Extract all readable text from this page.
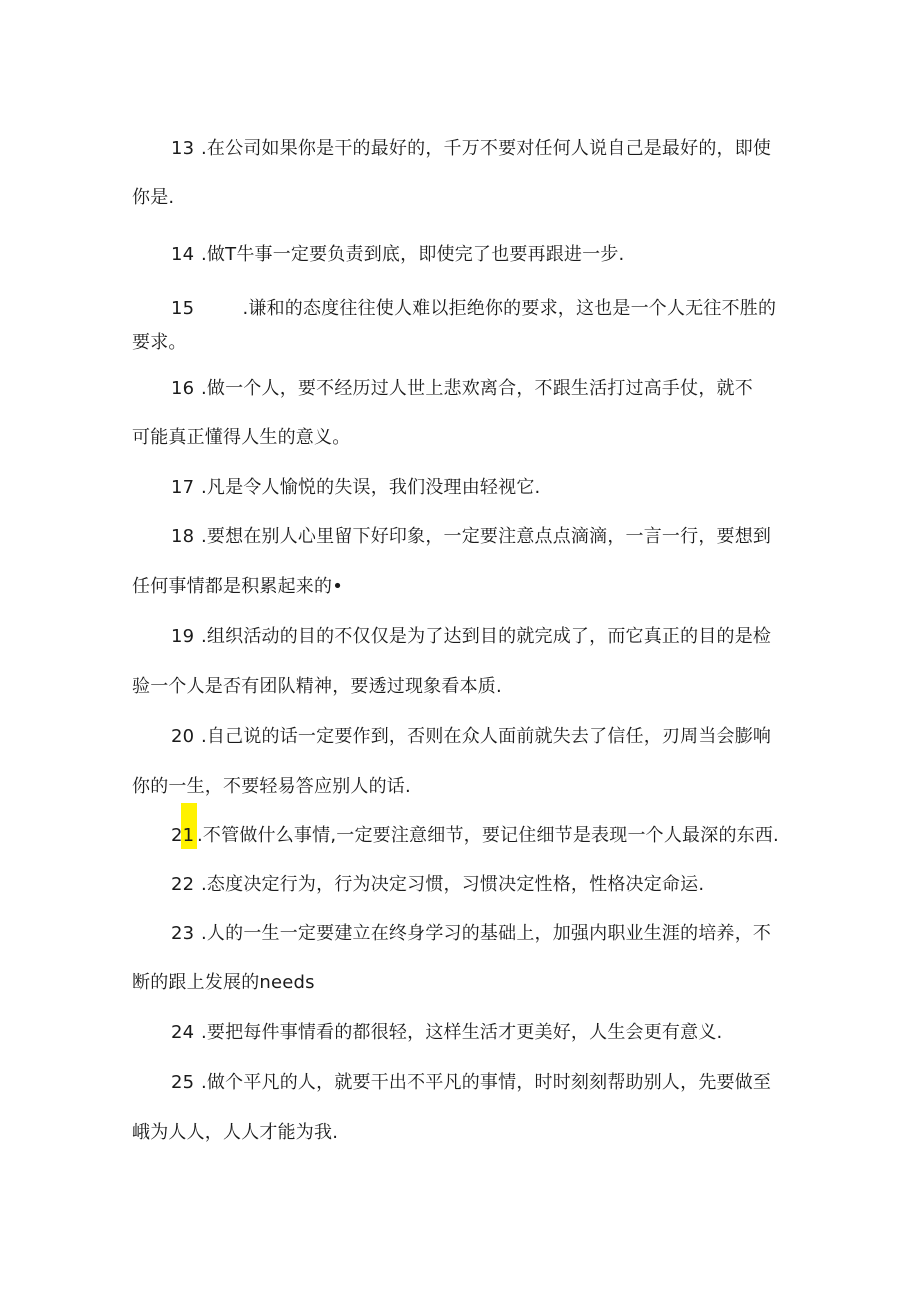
13 .在公司如果你是干的最好的，千万不要对任何人说自己是最好的，即使
你是.
14 .做T牛事一定要负责到底，即使完了也要再跟进一步.
15       .谦和的态度往往使人难以拒绝你的要求，这也是一个人无往不胜的
要求。
16 .做一个人，要不经历过人世上悲欢离合，不跟生活打过高手仗，就不
可能真正懂得人生的意义。
17 .凡是令人愉悦的失误，我们没理由轻视它.
18 .要想在别人心里留下好印象，一定要注意点点滴滴，一言一行，要想到
任何事情都是积累起来的•
19 .组织活动的目的不仅仅是为了达到目的就完成了，而它真正的目的是检
验一个人是否有团队精神，要透过现象看本质.
20 .自己说的话一定要作到，否则在众人面前就失去了信任，刃周当会膨响
你的一生，不要轻易答应别人的话.
21 .不管做什么事情,一定要注意细节，要记住细节是表现一个人最深的东西.
22 .态度决定行为，行为决定习惯，习惯决定性格，性格决定命运.
23 .人的一生一定要建立在终身学习的基础上，加强内职业生涯的培养，不
断的跟上发展的needs
24 .要把每件事情看的都很轻，这样生活才更美好，人生会更有意义.
25 .做个平凡的人，就要干出不平凡的事情，时时刻刻帮助别人，先要做至
峨为人人，人人才能为我.
